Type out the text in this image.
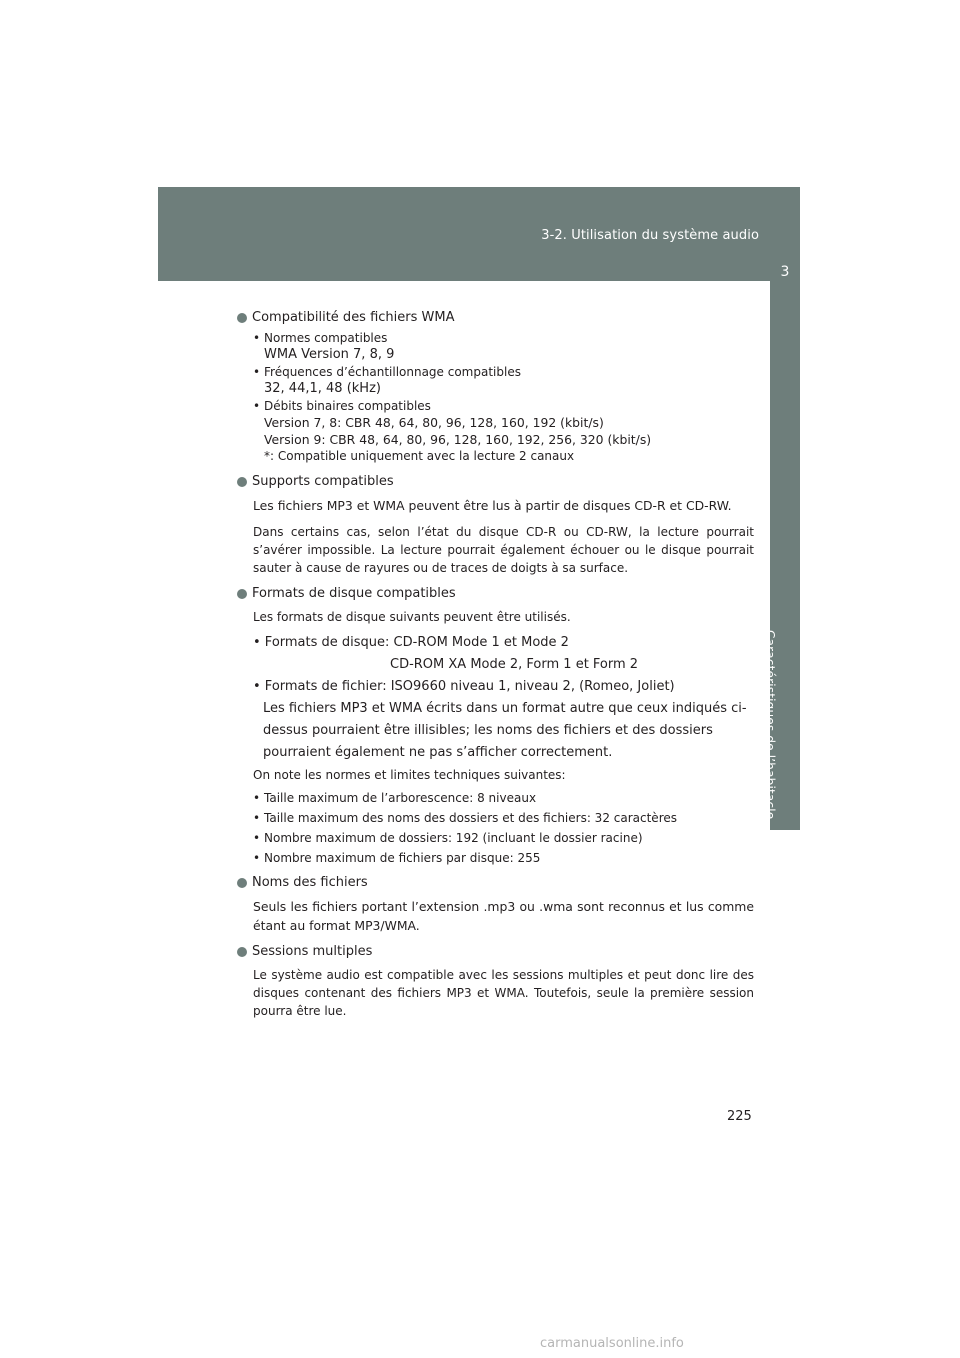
3-2. Utilisation du système audio
3
Caractéristiques de l’habitacle
Compatibilité des fichiers WMA
• Normes compatibles
WMA Version 7, 8, 9
• Fréquences d’échantillonnage compatibles
32, 44,1, 48 (kHz)
• Débits binaires compatibles
Version 7, 8: CBR 48, 64, 80, 96, 128, 160, 192 (kbit/s)
Version 9: CBR 48, 64, 80, 96, 128, 160, 192, 256, 320 (kbit/s)
*: Compatible uniquement avec la lecture 2 canaux
Supports compatibles

Les fichiers MP3 et WMA peuvent être lus à partir de disques CD-R et CD-RW.

Dans certains cas, selon l’état du disque CD-R ou CD-RW, la lecture pourrait s’avérer impossible. La lecture pourrait également échouer ou le disque pourrait sauter à cause de rayures ou de traces de doigts à sa surface.

Formats de disque compatibles

Les formats de disque suivants peuvent être utilisés.

• Formats de disque: CD-ROM Mode 1 et Mode 2
CD-ROM XA Mode 2, Form 1 et Form 2
• Formats de fichier: ISO9660 niveau 1, niveau 2, (Romeo, Joliet)
Les fichiers MP3 et WMA écrits dans un format autre que ceux indiqués ci-
dessus pourraient être illisibles; les noms des fichiers et des dossiers
pourraient également ne pas s’afficher correctement.

On note les normes et limites techniques suivantes:

• Taille maximum de l’arborescence: 8 niveaux
• Taille maximum des noms des dossiers et des fichiers: 32 caractères
• Nombre maximum de dossiers: 192 (incluant le dossier racine)
• Nombre maximum de fichiers par disque: 255
Noms des fichiers

Seuls les fichiers portant l’extension .mp3 ou .wma sont reconnus et lus comme étant au format MP3/WMA.

Sessions multiples

Le système audio est compatible avec les sessions multiples et peut donc lire des disques contenant des fichiers MP3 et WMA. Toutefois, seule la première session pourra être lue.

225
carmanualsonline.info
